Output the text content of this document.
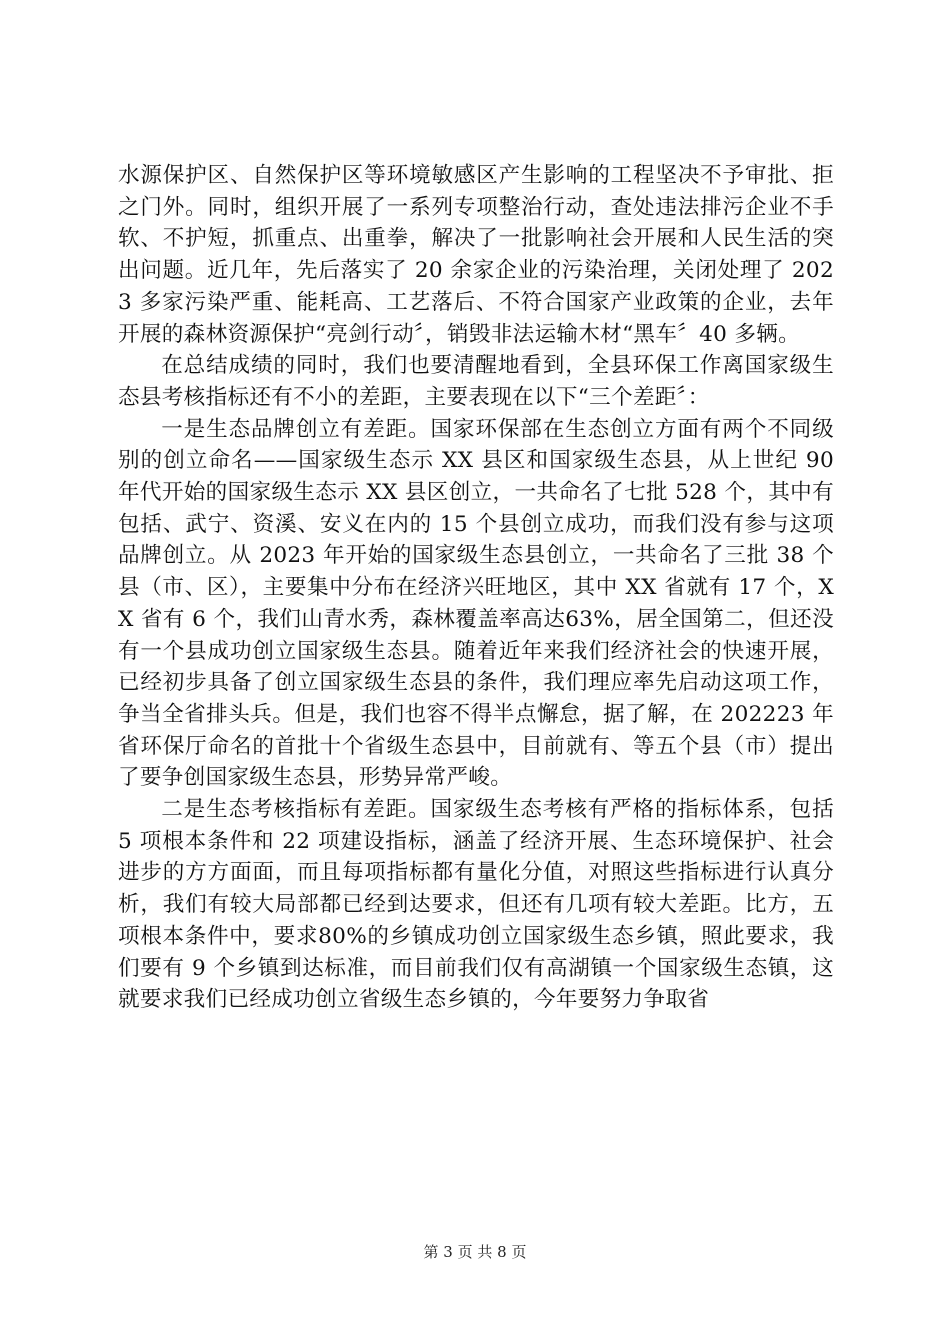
水源保护区、自然保护区等环境敏感区产生影响的工程坚决不予审批、拒之门外。同时，组织开展了一系列专项整治行动，查处违法排污企业不手软、不护短，抓重点、出重拳，解决了一批影响社会开展和人民生活的突出问题。近几年，先后落实了 20 余家企业的污染治理，关闭处理了 2023 多家污染严重、能耗高、工艺落后、不符合国家产业政策的企业，去年开展的森林资源保护“亮剑行动〞，销毁非法运输木材“黑车〞40 多辆。

在总结成绩的同时，我们也要清醒地看到，全县环保工作离国家级生态县考核指标还有不小的差距，主要表现在以下“三个差距〞：

一是生态品牌创立有差距。国家环保部在生态创立方面有两个不同级别的创立命名——国家级生态示 XX 县区和国家级生态县，从上世纪 90 年代开始的国家级生态示 XX 县区创立，一共命名了七批 528 个，其中有包括、武宁、资溪、安义在内的 15 个县创立成功，而我们没有参与这项品牌创立。从 2023 年开始的国家级生态县创立，一共命名了三批 38 个县（市、区），主要集中分布在经济兴旺地区，其中 XX 省就有 17 个，XX 省有 6 个，我们山青水秀，森林覆盖率高达63%，居全国第二，但还没有一个县成功创立国家级生态县。随着近年来我们经济社会的快速开展，已经初步具备了创立国家级生态县的条件，我们理应率先启动这项工作，争当全省排头兵。但是，我们也容不得半点懈怠，据了解，在 202223 年省环保厅命名的首批十个省级生态县中，目前就有、等五个县（市）提出了要争创国家级生态县，形势异常严峻。

二是生态考核指标有差距。国家级生态考核有严格的指标体系，包括 5 项根本条件和 22 项建设指标，涵盖了经济开展、生态环境保护、社会进步的方方面面，而且每项指标都有量化分值，对照这些指标进行认真分析，我们有较大局部都已经到达要求，但还有几项有较大差距。比方，五项根本条件中，要求80%的乡镇成功创立国家级生态乡镇，照此要求，我们要有 9 个乡镇到达标准，而目前我们仅有高湖镇一个国家级生态镇，这就要求我们已经成功创立省级生态乡镇的，今年要努力争取省

第 3 页 共 8 页
